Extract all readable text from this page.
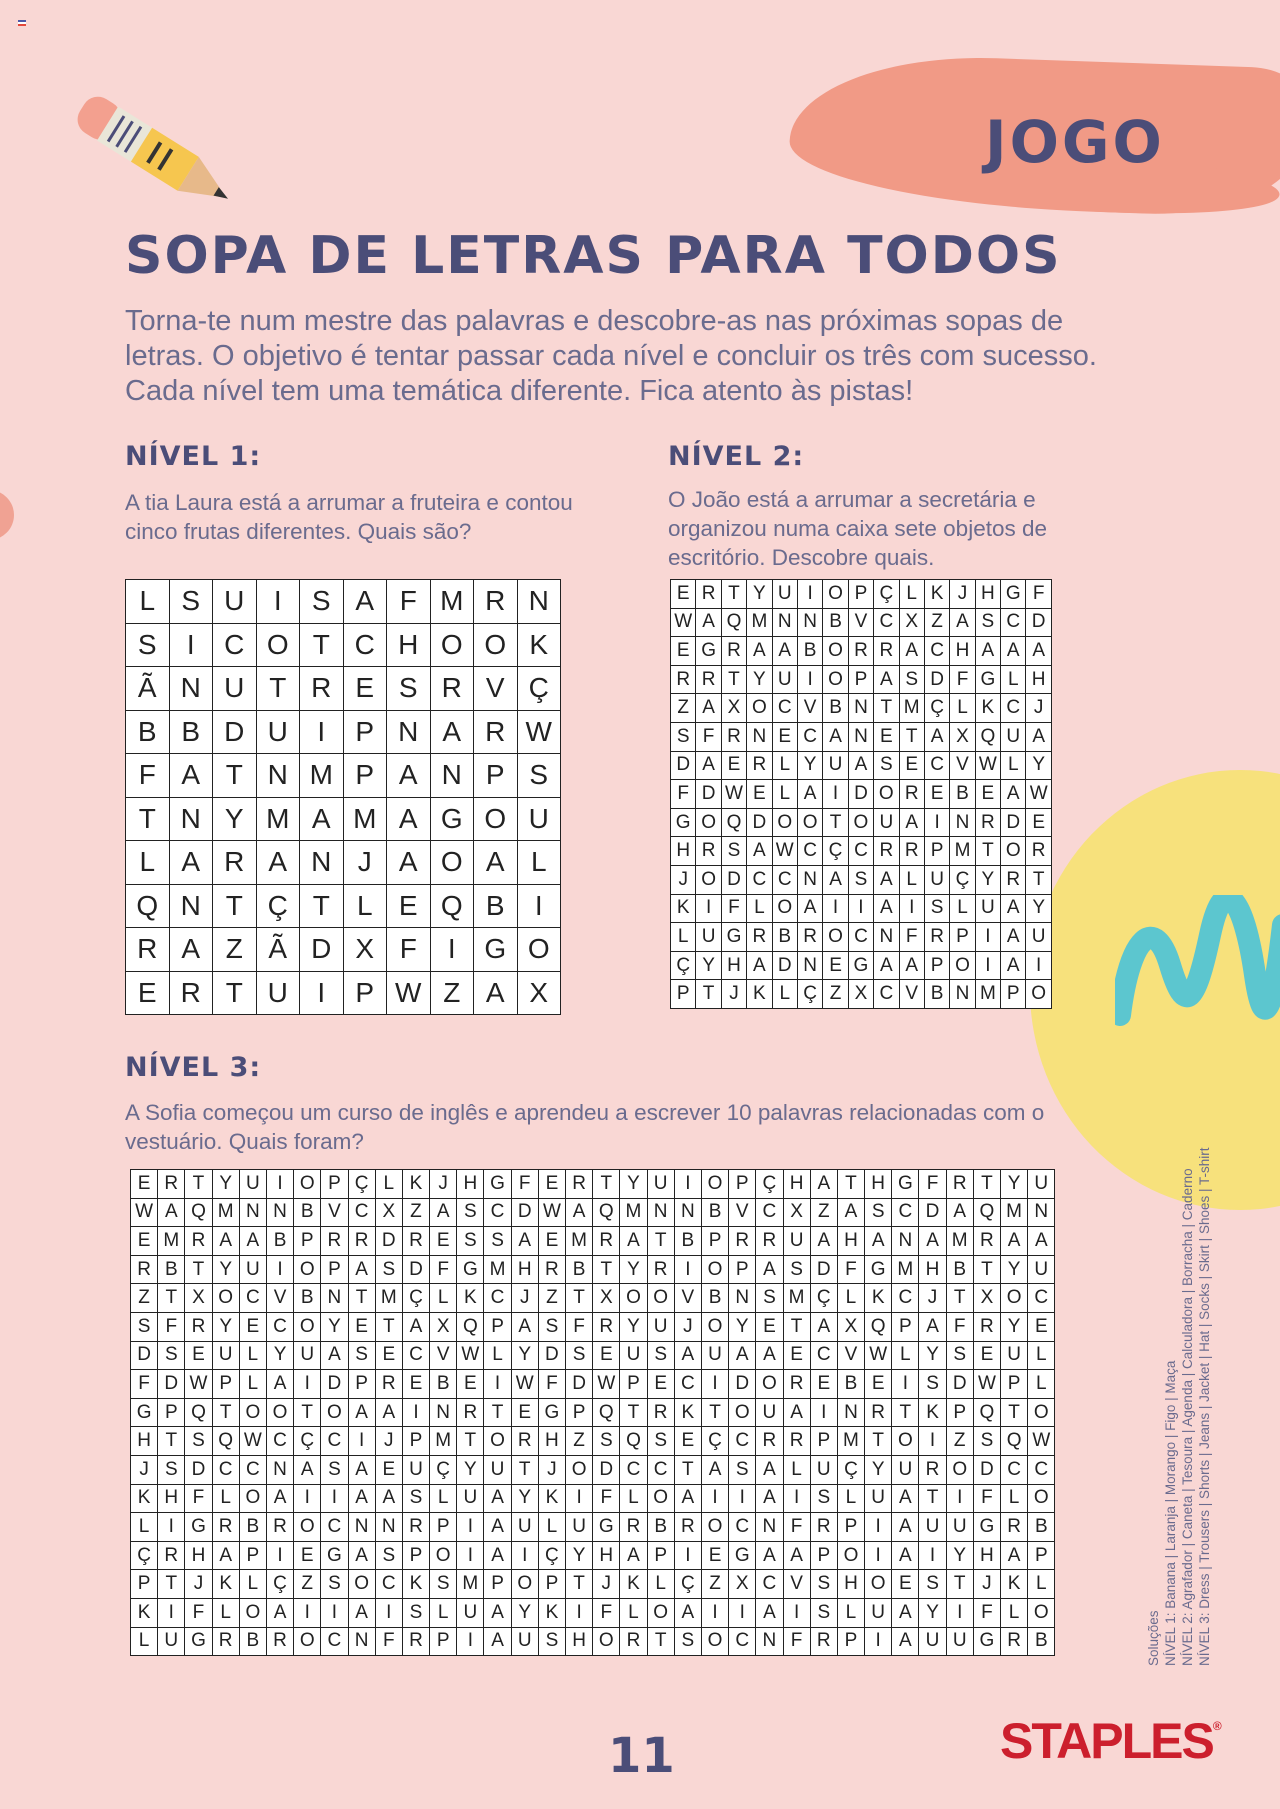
JOGO
SOPA DE LETRAS PARA TODOS
Torna-te num mestre das palavras e descobre-as nas próximas sopas de letras. O objetivo é tentar passar cada nível e concluir os três com sucesso. Cada nível tem uma temática diferente. Fica atento às pistas!
NÍVEL 1:
A tia Laura está a arrumar a fruteira e contou cinco frutas diferentes. Quais são?
L	S	U	I	S	A	F	M	R	N
S	I	C	O	T	C	H	O	O	K
Ã	N	U	T	R	E	S	R	V	Ç
B	B	D	U	I	P	N	A	R	W
F	A	T	N	M	P	A	N	P	S
T	N	Y	M	A	M	A	G	O	U
L	A	R	A	N	J	A	O	A	L
Q	N	T	Ç	T	L	E	Q	B	I
R	A	Z	Ã	D	X	F	I	G	O
E	R	T	U	I	P	W	Z	A	X
NÍVEL 2:
O João está a arrumar a secretária e organizou numa caixa sete objetos de escritório. Descobre quais.
E	R	T	Y	U	I	O	P	Ç	L	K	J	H	G	F
W	A	Q	M	N	N	B	V	C	X	Z	A	S	C	D
E	G	R	A	A	B	O	R	R	A	C	H	A	A	A
R	R	T	Y	U	I	O	P	A	S	D	F	G	L	H
Z	A	X	O	C	V	B	N	T	M	Ç	L	K	C	J
S	F	R	N	E	C	A	N	E	T	A	X	Q	U	A
D	A	E	R	L	Y	U	A	S	E	C	V	W	L	Y
F	D	W	E	L	A	I	D	O	R	E	B	E	A	W
G	O	Q	D	O	O	T	O	U	A	I	N	R	D	E
H	R	S	A	W	C	Ç	C	R	R	P	M	T	O	R
J	O	D	C	C	N	A	S	A	L	U	Ç	Y	R	T
K	I	F	L	O	A	I	I	A	I	S	L	U	A	Y
L	U	G	R	B	R	O	C	N	F	R	P	I	A	U
Ç	Y	H	A	D	N	E	G	A	A	P	O	I	A	I
P	T	J	K	L	Ç	Z	X	C	V	B	N	M	P	O
NÍVEL 3:
A Sofia começou um curso de inglês e aprendeu a escrever 10 palavras relacionadas com o vestuário. Quais foram?
E	R	T	Y	U	I	O	P	Ç	L	K	J	H	G	F	E	R	T	Y	U	I	O	P	Ç	H	A	T	H	G	F	R	T	Y	U
W	A	Q	M	N	N	B	V	C	X	Z	A	S	C	D	W	A	Q	M	N	N	B	V	C	X	Z	A	S	C	D	A	Q	M	N
E	M	R	A	A	B	P	R	R	D	R	E	S	S	A	E	M	R	A	T	B	P	R	R	U	A	H	A	N	A	M	R	A	A
R	B	T	Y	U	I	O	P	A	S	D	F	G	M	H	R	B	T	Y	R	I	O	P	A	S	D	F	G	M	H	B	T	Y	U
Z	T	X	O	C	V	B	N	T	M	Ç	L	K	C	J	Z	T	X	O	O	V	B	N	S	M	Ç	L	K	C	J	T	X	O	C
S	F	R	Y	E	C	O	Y	E	T	A	X	Q	P	A	S	F	R	Y	U	J	O	Y	E	T	A	X	Q	P	A	F	R	Y	E
D	S	E	U	L	Y	U	A	S	E	C	V	W	L	Y	D	S	E	U	S	A	U	A	A	E	C	V	W	L	Y	S	E	U	L
F	D	W	P	L	A	I	D	P	R	E	B	E	I	W	F	D	W	P	E	C	I	D	O	R	E	B	E	I	S	D	W	P	L
G	P	Q	T	O	O	T	O	A	A	I	N	R	T	E	G	P	Q	T	R	K	T	O	U	A	I	N	R	T	K	P	Q	T	O
H	T	S	Q	W	C	Ç	C	I	J	P	M	T	O	R	H	Z	S	Q	S	E	Ç	C	R	R	P	M	T	O	I	Z	S	Q	W
J	S	D	C	C	N	A	S	A	E	U	Ç	Y	U	T	J	O	D	C	C	T	A	S	A	L	U	Ç	Y	U	R	O	D	C	C
K	H	F	L	O	A	I	I	A	A	S	L	U	A	Y	K	I	F	L	O	A	I	I	A	I	S	L	U	A	T	I	F	L	O
L	I	G	R	B	R	O	C	N	N	R	P	I	A	U	L	U	G	R	B	R	O	C	N	F	R	P	I	A	U	U	G	R	B
Ç	R	H	A	P	I	E	G	A	S	P	O	I	A	I	Ç	Y	H	A	P	I	E	G	A	A	P	O	I	A	I	Y	H	A	P
P	T	J	K	L	Ç	Z	S	O	C	K	S	M	P	O	P	T	J	K	L	Ç	Z	X	C	V	S	H	O	E	S	T	J	K	L
K	I	F	L	O	A	I	I	A	I	S	L	U	A	Y	K	I	F	L	O	A	I	I	A	I	S	L	U	A	Y	I	F	L	O
L	U	G	R	B	R	O	C	N	F	R	P	I	A	U	S	H	O	R	T	S	O	C	N	F	R	P	I	A	U	U	G	R	B	Soluções NÍVEL 1: Banana | Laranja | Morango | Figo | Maça NÍVEL 2: Agrafador | Caneta | Tesoura | Agenda | Calculadora | Borracha | Caderno NÍVEL 3: Dress | Trousers | Shorts | Jeans | Jacket | Hat | Socks | Skirt | Shoes | T-shirt
11	STAPLES®
